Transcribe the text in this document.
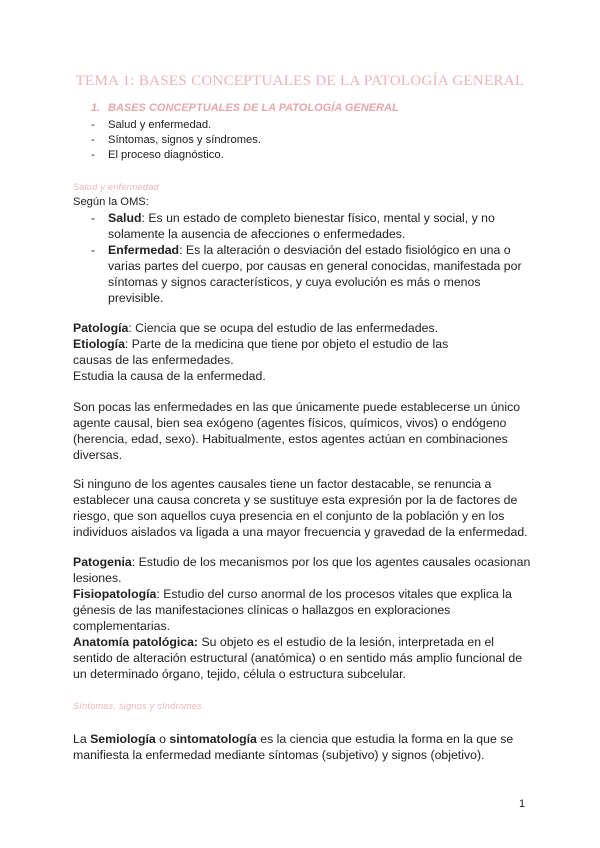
TEMA 1: BASES CONCEPTUALES DE LA PATOLOGÍA GENERAL
1. BASES CONCEPTUALES DE LA PATOLOGÍA GENERAL
- Salud y enfermedad.
- Síntomas, signos y síndromes.
- El proceso diagnóstico.
Salud y enfermedad
Según la OMS:
- Salud: Es un estado de completo bienestar físico, mental y social, y no
solamente la ausencia de afecciones o enfermedades.
- Enfermedad: Es la alteración o desviación del estado fisiológico en una o
varias partes del cuerpo, por causas en general conocidas, manifestada por
síntomas y signos característicos, y cuya evolución es más o menos
previsible.
Patología: Ciencia que se ocupa del estudio de las enfermedades.
Etiología: Parte de la medicina que tiene por objeto el estudio de las
causas de las enfermedades.
Estudia la causa de la enfermedad.
Son pocas las enfermedades en las que únicamente puede establecerse un único
agente causal, bien sea exógeno (agentes físicos, químicos, vivos) o endógeno
(herencia, edad, sexo). Habitualmente, estos agentes actúan en combinaciones
diversas.
Si ninguno de los agentes causales tiene un factor destacable, se renuncia a
establecer una causa concreta y se sustituye esta expresión por la de factores de
riesgo, que son aquellos cuya presencia en el conjunto de la población y en los
individuos aislados va ligada a una mayor frecuencia y gravedad de la enfermedad.
Patogenia: Estudio de los mecanismos por los que los agentes causales ocasionan
lesiones.
Fisiopatología: Estudio del curso anormal de los procesos vitales que explica la
génesis de las manifestaciones clínicas o hallazgos en exploraciones
complementarias.
Anatomía patológica: Su objeto es el estudio de la lesión, interpretada en el
sentido de alteración estructural (anatómica) o en sentido más amplio funcional de
un determinado órgano, tejido, célula o estructura subcelular.
Síntomas, signos y síndromes.
La Semiología o sintomatología es la ciencia que estudia la forma en la que se
manifiesta la enfermedad mediante síntomas (subjetivo) y signos (objetivo).
1
